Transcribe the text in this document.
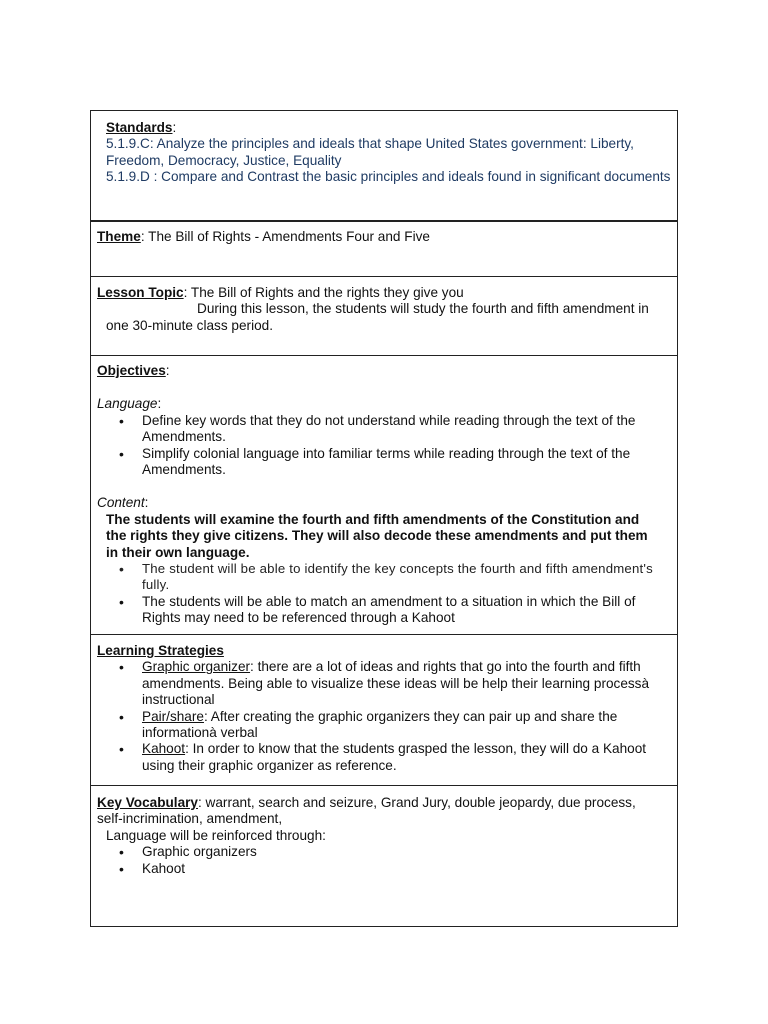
Standards:
5.1.9.C: Analyze the principles and ideals that shape United States government: Liberty, Freedom, Democracy, Justice, Equality
5.1.9.D : Compare and Contrast the basic principles and ideals found in significant documents
Theme: The Bill of Rights - Amendments Four and Five
Lesson Topic: The Bill of Rights and the rights they give you
During this lesson, the students will study the fourth and fifth amendment in one 30-minute class period.
Objectives:
Language:
• Define key words that they do not understand while reading through the text of the Amendments.
• Simplify colonial language into familiar terms while reading through the text of the Amendments.
Content:
The students will examine the fourth and fifth amendments of the Constitution and the rights they give citizens. They will also decode these amendments and put them in their own language.
• The student will be able to identify the key concepts the fourth and fifth amendment's fully.
• The students will be able to match an amendment to a situation in which the Bill of Rights may need to be referenced through a Kahoot
Learning Strategies
• Graphic organizer: there are a lot of ideas and rights that go into the fourth and fifth amendments. Being able to visualize these ideas will be help their learning processà instructional
• Pair/share: After creating the graphic organizers they can pair up and share the informationà verbal
• Kahoot: In order to know that the students grasped the lesson, they will do a Kahoot using their graphic organizer as reference.
Key Vocabulary: warrant, search and seizure, Grand Jury, double jeopardy, due process, self-incrimination, amendment,
Language will be reinforced through:
• Graphic organizers
• Kahoot
